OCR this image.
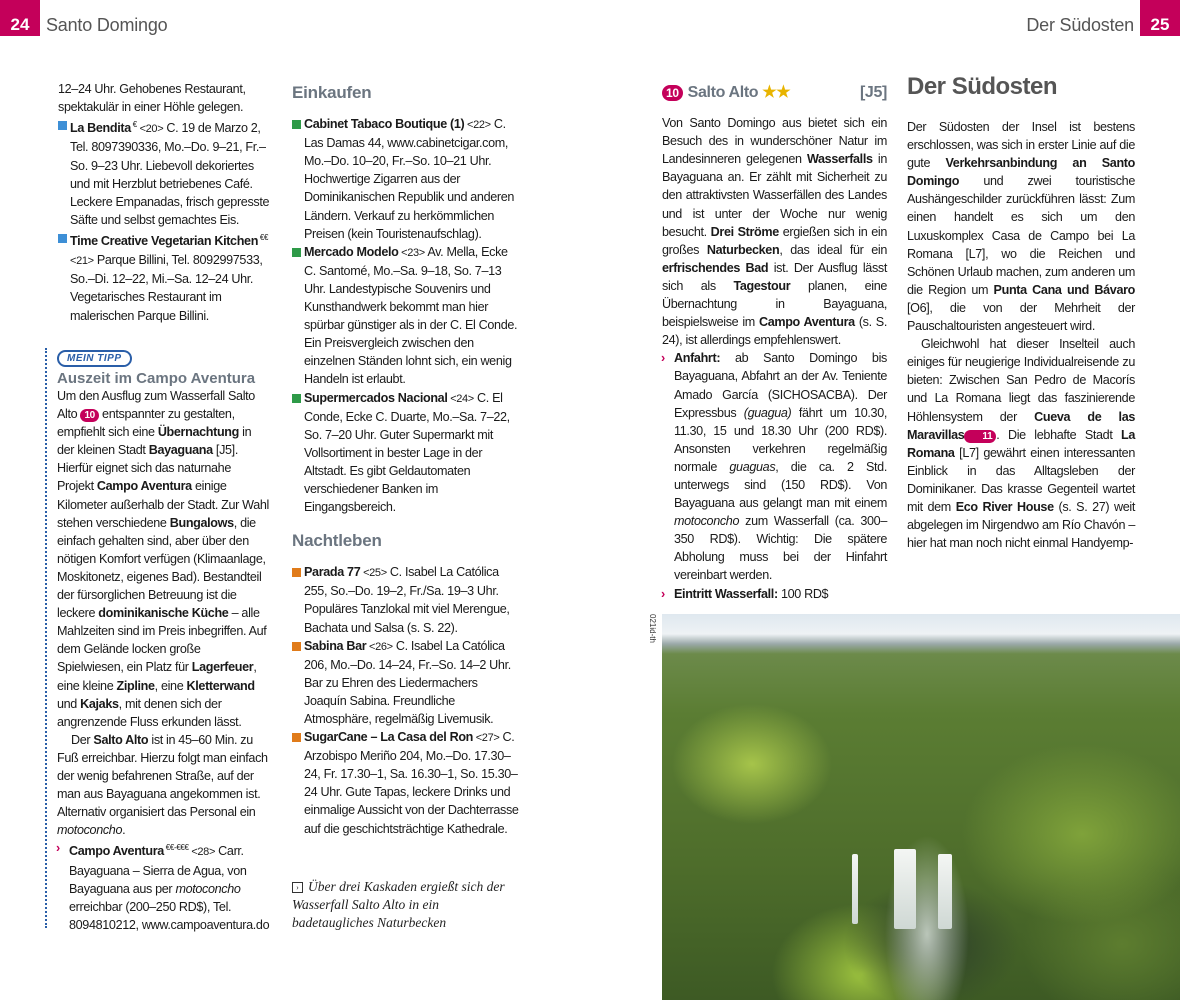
24 Santo Domingo	Der Südosten 25

12–24 Uhr. Gehobenes Restaurant, spektakulär in einer Höhle gelegen.

La Bendita € <20> C. 19 de Marzo 2, Tel. 8097390336, Mo.–Do. 9–21, Fr.–So. 9–23 Uhr. Liebevoll dekoriertes und mit Herzblut betriebenes Café. Leckere Empanadas, frisch gepresste Säfte und selbst gemachtes Eis.

Time Creative Vegetarian Kitchen €€ <21> Parque Billini, Tel. 8092997533, So.–Di. 12–22, Mi.–Sa. 12–24 Uhr. Vegetarisches Restaurant im malerischen Parque Billini.

MEIN TIPP
Auszeit im Campo Aventura

Um den Ausflug zum Wasserfall Salto Alto 10 entspannter zu gestalten, empfiehlt sich eine Übernachtung in der kleinen Stadt Bayaguana [J5]. Hierfür eignet sich das naturnahe Projekt Campo Aventura einige Kilometer außerhalb der Stadt. Zur Wahl stehen verschiedene Bungalows, die einfach gehalten sind, aber über den nötigen Komfort verfügen (Klimaanlage, Moskitonetz, eigenes Bad). Bestandteil der fürsorglichen Betreuung ist die leckere dominikanische Küche – alle Mahlzeiten sind im Preis inbegriffen. Auf dem Gelände locken große Spielwiesen, ein Platz für Lagerfeuer, eine kleine Zipline, eine Kletterwand und Kajaks, mit denen sich der angrenzende Fluss erkunden lässt.

Der Salto Alto ist in 45–60 Min. zu Fuß erreichbar. Hierzu folgt man einfach der wenig befahrenen Straße, auf der man aus Bayaguana angekommen ist. Alternativ organisiert das Personal ein motoconcho.

› Campo Aventura €€-€€€ <28> Carr. Bayaguana – Sierra de Agua, von Bayaguana aus per motoconcho erreichbar (200–250 RD$), Tel. 8094810212, www.campoaventura.do

Einkaufen

Cabinet Tabaco Boutique (1) <22> C. Las Damas 44, www.cabinetcigar.com, Mo.–Do. 10–20, Fr.–So. 10–21 Uhr. Hochwertige Zigarren aus der Dominikanischen Republik und anderen Ländern. Verkauf zu herkömmlichen Preisen (kein Touristenaufschlag).

Mercado Modelo <23> Av. Mella, Ecke C. Santomé, Mo.–Sa. 9–18, So. 7–13 Uhr. Landestypische Souvenirs und Kunsthandwerk bekommt man hier spürbar günstiger als in der C. El Conde. Ein Preisvergleich zwischen den einzelnen Ständen lohnt sich, ein wenig Handeln ist erlaubt.

Supermercados Nacional <24> C. El Conde, Ecke C. Duarte, Mo.–Sa. 7–22, So. 7–20 Uhr. Guter Supermarkt mit Vollsortiment in bester Lage in der Altstadt. Es gibt Geldautomaten verschiedener Banken im Eingangsbereich.

Nachtleben

Parada 77 <25> C. Isabel La Católica 255, So.–Do. 19–2, Fr./Sa. 19–3 Uhr. Populäres Tanzlokal mit viel Merengue, Bachata und Salsa (s. S. 22).

Sabina Bar <26> C. Isabel La Católica 206, Mo.–Do. 14–24, Fr.–So. 14–2 Uhr. Bar zu Ehren des Liedermachers Joaquín Sabina. Freundliche Atmosphäre, regelmäßig Livemusik.

SugarCane – La Casa del Ron <27> C. Arzobispo Meriño 204, Mo.–Do. 17.30–24, Fr. 17.30–1, Sa. 16.30–1, So. 15.30–24 Uhr. Gute Tapas, leckere Drinks und einmalige Aussicht von der Dachterrasse auf die geschichtsträchtige Kathedrale.

› Über drei Kaskaden ergießt sich der Wasserfall Salto Alto in ein badetaugliches Naturbecken
10 Salto Alto ★★	[J5]

Von Santo Domingo aus bietet sich ein Besuch des in wunderschöner Natur im Landesinneren gelegenen Wasserfalls in Bayaguana an. Er zählt mit Sicherheit zu den attraktivsten Wasserfällen des Landes und ist unter der Woche nur wenig besucht. Drei Ströme ergießen sich in ein großes Naturbecken, das ideal für ein erfrischendes Bad ist. Der Ausflug lässt sich als Tagestour planen, eine Übernachtung in Bayaguana, beispielsweise im Campo Aventura (s. S. 24), ist allerdings empfehlenswert.

› Anfahrt: ab Santo Domingo bis Bayaguana, Abfahrt an der Av. Teniente Amado García (SICHOSACBA). Der Expressbus (guagua) fährt um 10.30, 11.30, 15 und 18.30 Uhr (200 RD$). Ansonsten verkehren regelmäßig normale guaguas, die ca. 2 Std. unterwegs sind (150 RD$). Von Bayaguana aus gelangt man mit einem motoconcho zum Wasserfall (ca. 300–350 RD$). Wichtig: Die spätere Abholung muss bei der Hinfahrt vereinbart werden.

› Eintritt Wasserfall: 100 RD$

Der Südosten

Der Südosten der Insel ist bestens erschlossen, was sich in erster Linie auf die gute Verkehrsanbindung an Santo Domingo und zwei touristische Aushängeschilder zurückführen lässt: Zum einen handelt es sich um den Luxuskomplex Casa de Campo bei La Romana [L7], wo die Reichen und Schönen Urlaub machen, zum anderen um die Region um Punta Cana und Bávaro [O6], die von der Mehrheit der Pauschaltouristen angesteuert wird.

Gleichwohl hat dieser Inselteil auch einiges für neugierige Individualreisende zu bieten: Zwischen San Pedro de Macorís und La Romana liegt das faszinierende Höhlensystem der Cueva de las Maravillas 11 . Die lebhafte Stadt La Romana [L7] gewährt einen interessanten Einblick in das Alltagsleben der Dominikaner. Das krasse Gegenteil wartet mit dem Eco River House (s. S. 27) weit abgelegen im Nirgendwo am Río Chavón – hier hat man noch nicht einmal Handyemp-

021id-th
